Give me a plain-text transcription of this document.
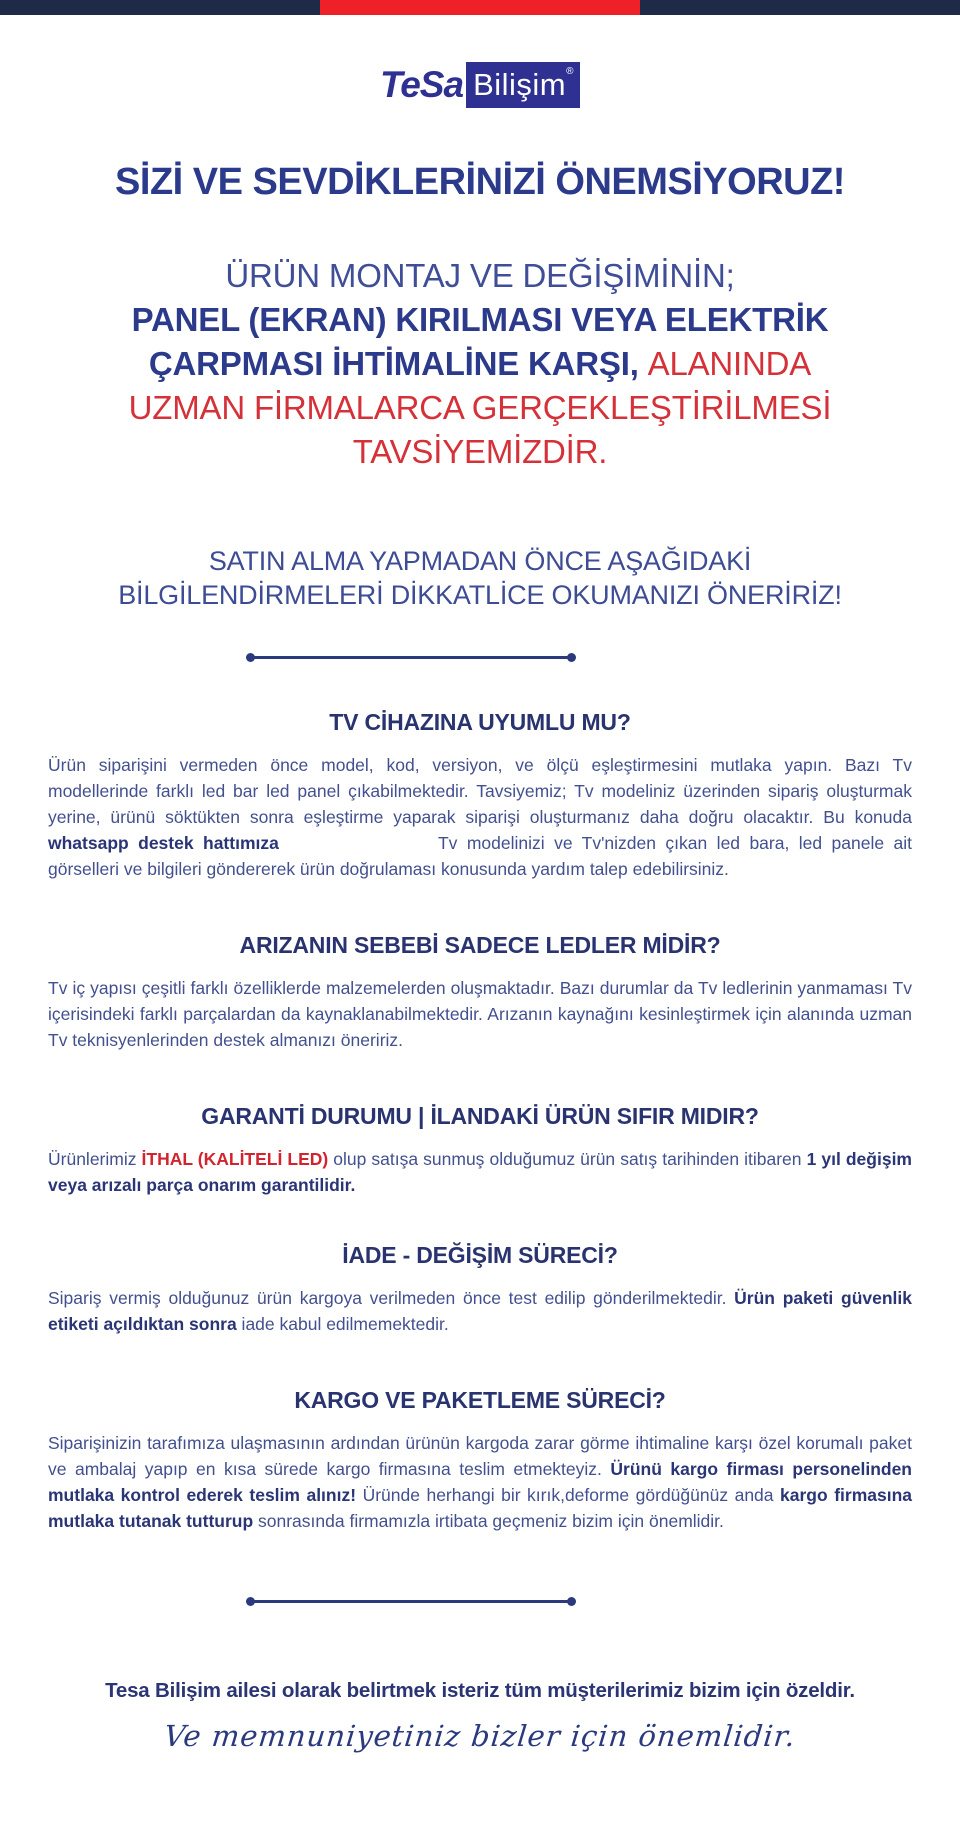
TeSa Bilişim®
SİZİ VE SEVDİKLERİNİZİ ÖNEMSİYORUZ!
ÜRÜN MONTAJ VE DEĞİŞİMİNİN;
PANEL (EKRAN) KIRILMASI VEYA ELEKTRİK
ÇARPMASI İHTİMALİNE KARŞI, ALANINDA
UZMAN FİRMALARCA GERÇEKLEŞTİRİLMESİ
TAVSİYEMİZDİR.
SATIN ALMA YAPMADAN ÖNCE AŞAĞIDAKİ
BİLGİLENDİRMELERİ DİKKATLİCE OKUMANIZI ÖNERİRİZ!
TV CİHAZINA UYUMLU MU?

Ürün siparişini vermeden önce model, kod, versiyon, ve ölçü eşleştirmesini mutlaka yapın. Bazı Tv modellerinde farklı led bar led panel çıkabilmektedir. Tavsiyemiz; Tv modeliniz üzerinden sipariş oluşturmak yerine, ürünü söktükten sonra eşleştirme yaparak siparişi oluşturmanız daha doğru olacaktır. Bu konuda whatsapp destek hattımıza	Tv modelinizi ve Tv'nizden çıkan led bara, led panele ait görselleri ve bilgileri göndererek ürün doğrulaması konusunda yardım talep edebilirsiniz.

ARIZANIN SEBEBİ SADECE LEDLER MİDİR?

Tv iç yapısı çeşitli farklı özelliklerde malzemelerden oluşmaktadır. Bazı durumlar da Tv ledlerinin yanmaması Tv içerisindeki farklı parçalardan da kaynaklanabilmektedir. Arızanın kaynağını kesinleştirmek için alanında uzman Tv teknisyenlerinden destek almanızı öneririz.

GARANTİ DURUMU | İLANDAKİ ÜRÜN SIFIR MIDIR?

Ürünlerimiz İTHAL (KALİTELİ LED) olup satışa sunmuş olduğumuz ürün satış tarihinden itibaren 1 yıl değişim veya arızalı parça onarım garantilidir.

İADE - DEĞİŞİM SÜRECİ?

Sipariş vermiş olduğunuz ürün kargoya verilmeden önce test edilip gönderilmektedir. Ürün paketi güvenlik etiketi açıldıktan sonra iade kabul edilmemektedir.

KARGO VE PAKETLEME SÜRECİ?

Siparişinizin tarafımıza ulaşmasının ardından ürünün kargoda zarar görme ihtimaline karşı özel korumalı paket ve ambalaj yapıp en kısa sürede kargo firmasına teslim etmekteyiz. Ürünü kargo firması personelinden mutlaka kontrol ederek teslim alınız! Üründe herhangi bir kırık,deforme gördüğünüz anda kargo firmasına mutlaka tutanak tutturup sonrasında firmamızla irtibata geçmeniz bizim için önemlidir.

Tesa Bilişim ailesi olarak belirtmek isteriz tüm müşterilerimiz bizim için özeldir.
Ve memnuniyetiniz bizler için önemlidir.
